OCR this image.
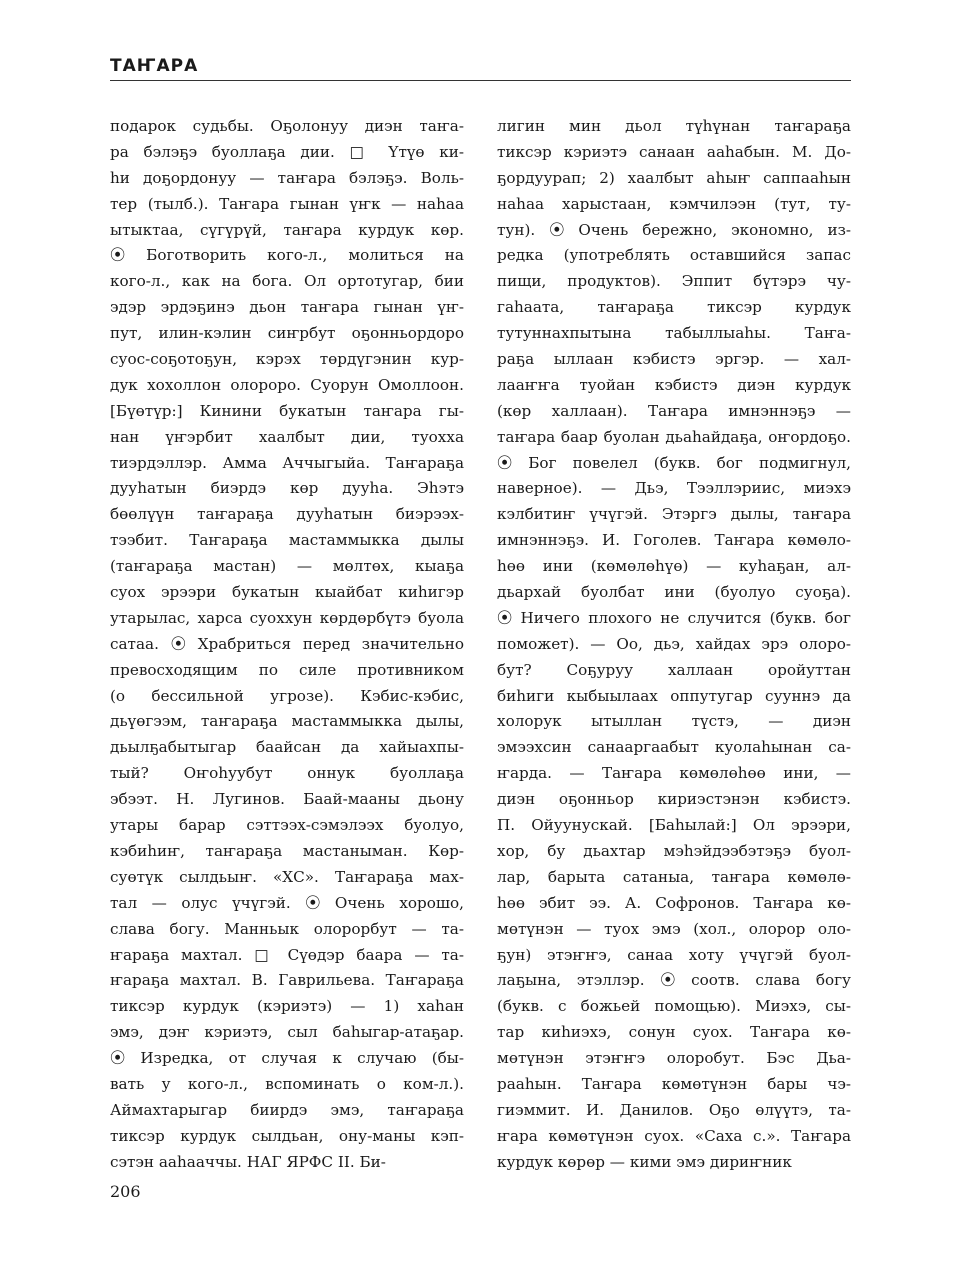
ТАҤАРА
подарок судьбы. Оҕолонуу диэн таҥа-
ра бэлэҕэ буоллаҕа дии. □ Үтүө ки-
һи доҕордонуу — таҥара бэлэҕэ. Воль-
тер (тылб.). Таҥара гынан үҥк — наһаа
ытыктаа, сүгүрүй, таҥара курдук көр.
⦿ Боготворить кого-л., молиться на
кого-л., как на бога. Ол ортотугар, бии
эдэр эрдэҕинэ дьон таҥара гынан үҥ-
пут, илин-кэлин сиҥрбут оҕонньордоро
суос-соҕотоҕун, кэрэх төрдүгэнин кур-
дук хохоллон олороро. Суорун Омоллоон.
[Бүөтүр:] Кинини букатын таҥара гы-
нан үҥэрбит хаалбыт дии, туохха
тиэрдэллэр. Амма Аччыгыйа. Таҥараҕа
дууһатын биэрдэ көр дууһа. Эһэтэ
бөөлүүн таҥараҕа дууһатын биэрээх-
тээбит. Таҥараҕа мастаммыкка дылы
(таҥараҕа мастан) — мөлтөх, кыаҕа
суох эрээри букатын кыайбат киһигэр
утарылас, харса суоххун көрдөрбүтэ буола
сатаа. ⦿ Храбриться перед значительно
превосходящим по силе противником
(о бессильной угрозе). Кэбис-кэбис,
дьүөгээм, таҥараҕа мастаммыкка дылы,
дьылҕабытыгар баайсан да хайыахпы-
тый? Оҥоһуубут оннук буоллаҕа
эбээт. Н. Лугинов. Баай-мааны дьону
утары барар сэттээх-сэмэлээх буолуо,
кэбиһиҥ, таҥараҕа мастаныман. Көр-
суөтүк сылдьыҥ. «ХС». Таҥараҕа мах-
тал — олус үчүгэй. ⦿ Очень хорошо,
слава богу. Манньык олорорбут — та-
ҥараҕа махтал. □ Сүөдэр баара — та-
ҥараҕа махтал. В. Гаврильева. Таҥараҕа
тиксэр курдук (кэриэтэ) — 1) хаһан
эмэ, дэҥ кэриэтэ, сыл баһыгар-атаҕар.
⦿ Изредка, от случая к случаю (бы-
вать у кого-л., вспоминать о ком-л.).
Аймахтарыгар биирдэ эмэ, таҥараҕа
тиксэр курдук сылдьан, ону-маны кэп-
сэтэн ааһааччы. НАГ ЯРФС II. Би-
лигин мин дьол түһүнан таҥараҕа
тиксэр кэриэтэ санаан ааһабын. М. До-
ҕордуурап; 2) хаалбыт аһыҥ саппааһын
наһаа харыстаан, кэмчилээн (тут, ту-
тун). ⦿ Очень бережно, экономно, из-
редка (употреблять оставшийся запас
пищи, продуктов). Эппит бүтэрэ чу-
гаһаата, таҥараҕа тиксэр курдук
тутуннахпытына табыллыаһы. Таҥа-
раҕа ыллаан кэбистэ эргэр. — хал-
лааҥҥа туойан кэбистэ диэн курдук
(көр халлаан). Таҥара имнэннэҕэ —
таҥара баар буолан дьаһайдаҕа, оҥордоҕо.
⦿ Бог повелел (букв. бог подмигнул,
наверное). — Дьэ, Тээллэриис, миэхэ
кэлбитиҥ үчүгэй. Этэргэ дылы, таҥара
имнэннэҕэ. И. Гоголев. Таҥара көмөло-
һөө ини (көмөлөһүө) — куһаҕан, ал-
дьархай буолбат ини (буолуо суоҕа).
⦿ Ничего плохого не случится (букв. бог
поможет). — Оо, дьэ, хайдах эрэ олоро-
бут? Соҕуруу халлаан оройуттан
биһиги кыбыылаах оппутугар сууннэ да
холорук ытыллан түстэ, — диэн
эмээхсин санааргаабыт куолаһынан са-
ҥарда. — Таҥара көмөлөһөө ини, —
диэн оҕонньор кириэстэнэн кэбистэ.
П. Ойуунускай. [Баһылай:] Ол эрээри,
хор, бу дьахтар мэһэйдээбэтэҕэ буол-
лар, барыта сатаныа, таҥара көмөлө-
һөө эбит ээ. А. Софронов. Таҥара кө-
мөтүнэн — туох эмэ (хол., олорор оло-
ҕун) этэҥҥэ, санаа хоту үчүгэй буол-
лаҕына, этэллэр. ⦿ соотв. слава богу
(букв. с божьей помощью). Миэхэ, сы-
тар киһиэхэ, сонун суох. Таҥара кө-
мөтүнэн этэҥҥэ олоробут. Бэс Дьа-
рааһын. Таҥара көмөтүнэн бары чэ-
гиэммит. И. Данилов. Оҕо өлүүтэ, та-
ҥара көмөтүнэн суох. «Саха с.». Таҥара
курдук көрөр — кими эмэ дириҥник
206
